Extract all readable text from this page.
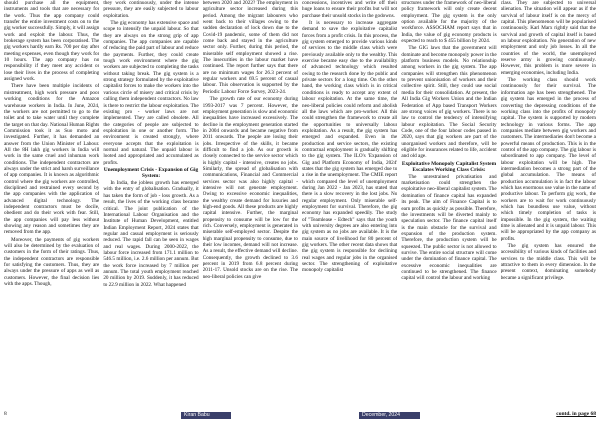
should purchase all the equipment, instruments and tools that are necessary for the work. Thus the app company could transfer the entire investment costs on to the gig worker successfully. Simply, it will assign work and exploit the labour. Thus, the brokerage system has been corporatised. The gig workers hardly earn Rs. 700 per day after meeting expenses, even though they work for 10 hours. The app company has no responsibility if they meet any accident or lose their lives in the process of completing assigned work.

There have been multiple incidents of mistreatment, high work pressure and poor working conditions for the Amazon warehouse workers in India. In June, 2024, the workers are not permitted to go to the toilet and to take water until they complete the target on that day. National Human Rights Commission took it as Suo moto and investigated. Further, it has demanded an answer from the Union Minister of Labour. All the 8H lakh gig workers in India will work in the same cruel and inhuman work conditions. The independent contractors are always under the strict and harsh surveillance of app companies. It is known as algorithmic control where the gig workers are controlled, disciplined and restrained every second by the app companies with the application of advanced digital technology. The independent contractors must be docile, obedient and do their work with fear. Still, the app companies will pay less without showing any reason and sometimes they are removed from the app.

Moreover, the payments of gig workers will also be determined by the evaluation of customers in the form of their ratings. Thus, the independent contractors are responsible for satisfying the customers. Thus, they are always under the pressure of apps as well as customers. However, the final decision lies with the apps. Though,

they work continuously, under the intense pressure, they are easily subjected to labour exploitation.

The gig economy has extensive space and scope to intensify the unpaid labour. So that they are always on the strong grip of app companies. The app companies are capable of reducing the paid part of labour and reduce the payments. Further, they could create tough work environment where the gig workers are subjected to completing the tasks without taking break. The gig system is a strong strategy formulated by the exploitative capitalist forces to make the workers into the various circle of misery and critical crisis by calling them independent contractors. No law is there to restrict the labour exploitation. The existing pro - worker laws are not implemented. They are called obsolete. All the categories of people are subjected to exploitation in one or another form. The environment is created strongly, where everyone accepts that the exploitation is normal and natural. The unpaid labour is looted and appropriated and accumulated as profits.

Unemployment Crisis - Expansion of Gig System:

In India, the jobless growth has emerged with the entry of globalisation. Gradually, it has taken the form of job - loss growth. As a result, the lives of the working class became critical. The joint publication of the International Labour Organisation and the Institute of Human Development, entitled Indian Employment Report, 2024 states that regular and casual employment is seriously reduced. The rapid fall can be seen in wages and real wages. During 2000-2022, the labour force increased from 171.1 million to 546.5 million, i.e. 2.6 million per annum. But the work force increased by 7 million per annum. The total youth employment reached 20 million by 2019. Suddenly, it has reduced to 22.9 million in 2022. What happened

between 2020 and 2022? The employment in agriculture sector increased during this period. Among the migrant labourers who went back to their villages owing to the sudden declaration of lock down due to the Covid-19 pandemic, some of them did not come back and stayed in the agriculture sector only. Further, during this period, the miserable self employment showed a rise. The insecurities in the labour market have continued. The report further says that there are no minimum wages for 26.3 percent of regular workers and 69.5 percent of casual labour. This observation is supported by the Periodic Labour Force Survey, 2023-24.

The growth rate of our economy during 1993-2017 was 7 percent. However, the employment generation is slow and economic inequalities have increased excessively. The decline in the employment generation started in 2004 onwards and became negative from 2011 onwards. The people are losing their jobs. Irrespective of the skills, it became difficult to find a job. As our growth is closely connected to the service sector which is highly capital - intensive, creates no jobs. Similarly, the spread of globalisation with communications, Financial and Commercial services sector was also highly capital - intensive will not generate employment. Owing to excessive economic inequalities, the wealthy create demand for luxuries and high-end goods. All these products are highly capital intensive. Further, the marginal propensity to consume will be low for the rich. Conversely, employment is generated in miserable self-employed sector. Despite the high marginal propensity to consume, due to their low incomes, demand will not increase. As a result, the effective demand will decline. Consequently, the growth declined to 3.6 percent in 2019 from 6.8 percent during 2011-17. Unsold stocks are on the rise. The neo-liberal policies can give

concessions, incentives and write off their huge loans to ensure their profits but will not purchase their unsold stocks in the godowns.

It is necessary to increase aggregate demand to save the exploitative capitalist forces from a profit crisis. In this process, the gig system emerged to provide various kinds of services to the middle class which were previously available only to the wealthy. This exercise became easy due to the availability of advanced technology which resulted owing to the research done by the public and private sectors for a long time. On the other hand, the working class which is in critical conditions is ready to accept any extent of labour exploitation. At the same time, the neo-liberal policies could reform and abolish all the laws which are pro-worker. All this could strengthen the framework to create all the opportunities to universally labour exploitation. As a result, the gig system has emerged and expanded. Even in the production and service sectors, the existing contractual employment is gradually shifting to the gig system. The ILO's 'Expansion of Gig and Platform Economy of India, 2024' states that the gig system has emerged due to a rise in the unemployment. The CMIE report which compared the level of unemployment during Jan 2022 - Jan 2023, has stated that there is a slow recovery in the lost jobs. No regular employment. Only miserable self-employment for survival. Therefore, the gig economy has expanded speedily. The study of "Teamlease - Edtech" says that the youth with university degrees are also entering into gig system as no jobs are available. It is the main source of livelihood for 80 percent of gig workers. The other recent data shows that the gig system is responsible for declining real wages and regular jobs in the organised sector. The strengthening of exploitative monopoly capitalist

structures under the framework of neo-liberal policy framework will only create decent employment. The gig system is the only option available for the majority of the workforce. ASSOCHAM report says that in India, the value of gig economy products is expected to reach to $ 455 billion by 2024.

The GIG laws that the government will dominate and become monopoly power in the platform business models. No relationship among workers in the gig system. The app companies will strengthen this phenomenon to prevent unionisation of workers and their collective spirit. Still, they could use social media for their consolidation. At present, the All India Gig Workers Union and the Indian Federation of App based Transport Workers are strong voices of gig workers. There is no law to control the tendency of intensifying labour exploitation. The Social Security Code, one of the four labour codes passed in 2020, says that gig workers are part of the unorganised workers and therefore, will be eligible for insurances related to life, accident and old age.

Exploitative Monopoly Capitalist System Escalates Working Class Crisis:

The unrestrained privatisation and marketisation could strengthen the exploitative neo-liberal capitalist system. The domination of finance capital has expanded its peak. The aim of Finance Capital is to earn profits as quickly as possible. Therefore, the investments will be diverted mainly to speculation sector. The finance capital itself is the main obstacle for the survival and expansion of the production system. Therefore, the production system will be squeezed. The public sector is not allowed to survive. The entire social structure will come under the domination of finance capital. The excessive economic inequalities are continued to be strengthened. The finance capital will control the labour and working

class. They are subjected to universal alienation. The situation will appear as if the survival of labour itself is on the mercy of capital. This phenomenon will be popularised continuously. Karl Marx rightly said that the survival and growth of capital itself is based on labour exploitation. No generation of new employment and only job losses. In all the countries of the world, the unemployed reserve army is growing continuously. However, this problem is more severe in emerging economies, including India.

The working class should work continuously for their survival. The information age has been strengthened. The gig system has emerged in the process of converting the depressing conditions of the working class into the profits of monopoly capital. The system is supported by modern technology in various forms. The app companies mediate between gig workers and customers. The intermediaries don't become a powerful means of production. This is in the control of the app company. The gig labour is subordinated to app company. The level of labour exploitation will be high. The intermediation becomes a strong part of the global accumulation. The means of production accumulation is in fact the labour which has enormous use value in the name of productive labour. To perform gig work, the workers are to wait for work continuously which has boundless use value, without which timely completion of tasks is impossible. In the gig system, the waiting time is alienated and it is unpaid labour. This will be appropriated by the app company as profits.

The gig system has ensured the accessibility of various kinds of facilities and services to the middle class. This will be attractive to them in every dimension. In the present context, dominating somebody became a significant privilege.

8	Kiran Babu	December, 2024	contd. in page 68
